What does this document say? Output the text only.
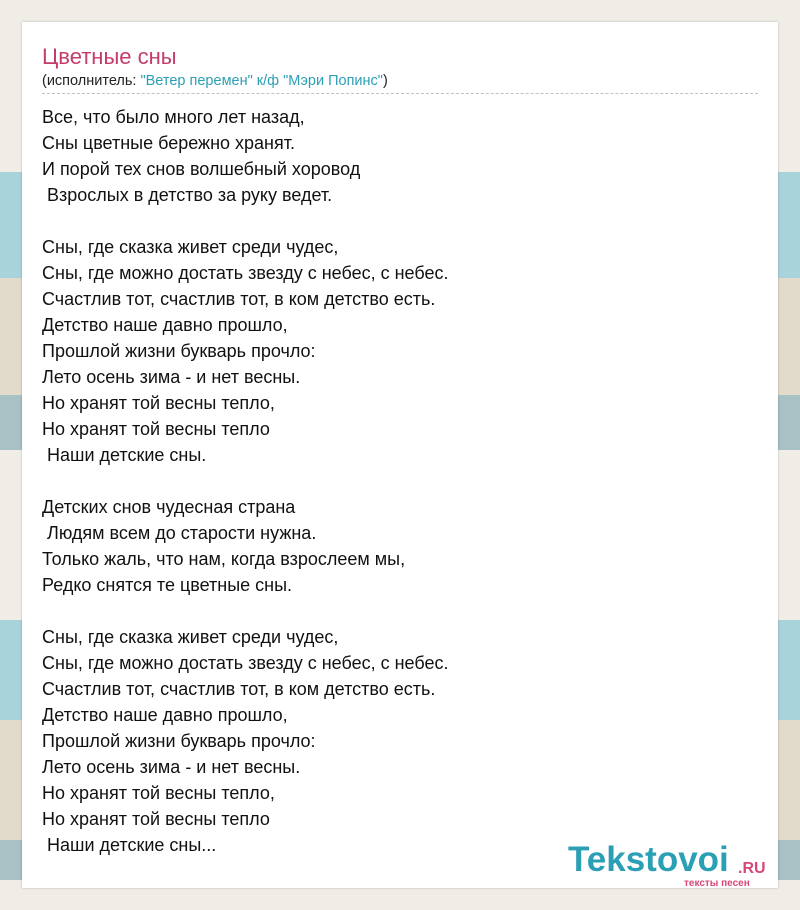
Цветные сны
(исполнитель: "Ветер перемен" к/ф "Мэри Попинс")
Все, что было много лет назад,
Сны цветные бережно хранят.
И порой тех снов волшебный хоровод
Взрослых в детство за руку ведет.
Сны, где сказка живет среди чудес,
Сны, где можно достать звезду с небес, с небес.
Счастлив тот, счастлив тот, в ком детство есть.
Детство наше давно прошло,
Прошлой жизни букварь прочло:
Лето осень зима - и нет весны.
Но хранят той весны тепло,
Но хранят той весны тепло
Наши детские сны.
Детских снов чудесная страна
Людям всем до старости нужна.
Только жаль, что нам, когда взрослеем мы,
Редко снятся те цветные сны.
Сны, где сказка живет среди чудес,
Сны, где можно достать звезду с небес, с небес.
Счастлив тот, счастлив тот, в ком детство есть.
Детство наше давно прошло,
Прошлой жизни букварь прочло:
Лето осень зима - и нет весны.
Но хранят той весны тепло,
Но хранят той весны тепло
Наши детские сны...	Tekstovoi .RU
тексты песен
